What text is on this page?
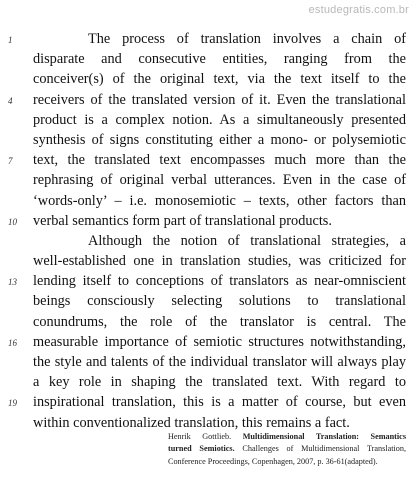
estudegratis.com.br
1	The process of translation involves a chain of
disparate and consecutive entities, ranging from the
conceiver(s) of the original text, via the text itself to the
4	receivers of the translated version of it. Even the translational
product is a complex notion. As a simultaneously presented
synthesis of signs constituting either a mono- or polysemiotic
7	text, the translated text encompasses much more than the
rephrasing of original verbal utterances. Even in the case of
‘words-only’ – i.e. monosemiotic – texts, other factors than
10	verbal semantics form part of translational products.
Although the notion of translational strategies, a
well-established one in translation studies, was criticized for
13	lending itself to conceptions of translators as near-omniscient
beings consciously selecting solutions to translational
conundrums, the role of the translator is central. The
16	measurable importance of semiotic structures notwithstanding,
the style and talents of the individual translator will always play
a key role in shaping the translated text. With regard to
19	inspirational translation, this is a matter of course, but even
within conventionalized translation, this remains a fact.
Henrik Gottlieb. Multidimensional Translation: Semantics
turned Semiotics. Challenges of Multidimensional Translation,
Conference Proceedings, Copenhagen, 2007, p. 36-61(adapted).
